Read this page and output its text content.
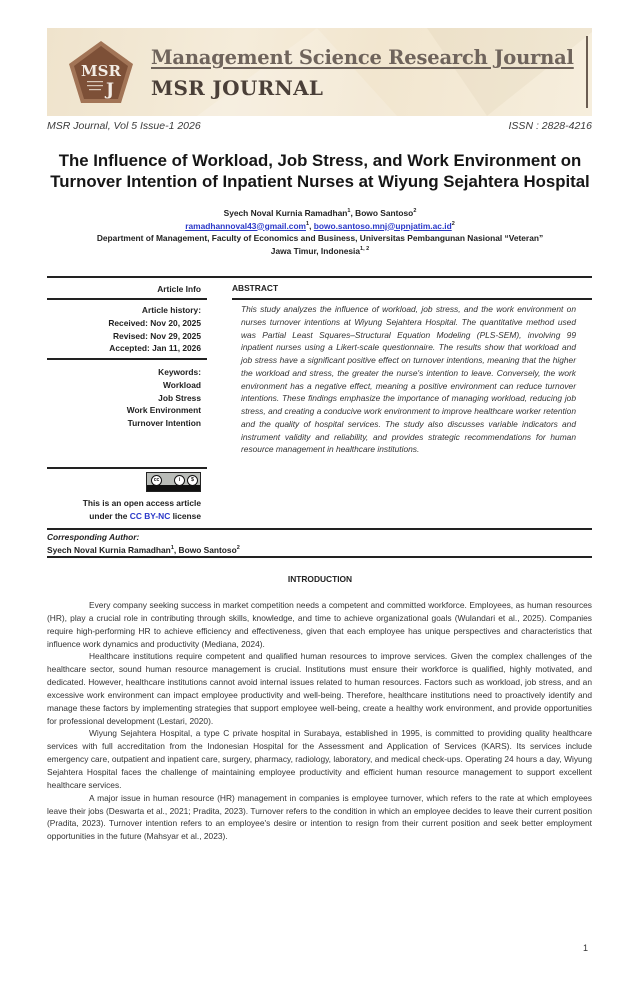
MSR
J
Management Science Research Journal
MSR JOURNAL
MSR Journal, Vol 5 Issue-1 2026	ISSN : 2828-4216
The Influence of Workload, Job Stress, and Work Environment on
Turnover Intention of Inpatient Nurses at Wiyung Sejahtera Hospital
Syech Noval Kurnia Ramadhan$^1$, Bowo Santoso$^2$
ramadhannoval43@gmail.com$^1$, $bowo.santoso.mnj@upnjatim.ac.id^2$
Department of Management, Faculty of Economics and Business, Universitas Pembangunan Nasional “Veteran”
Jawa Timur, Indonesia$^{1, 2}$
Article Info
Article history:
Received: Nov 20, 2025
Revised: Nov 29, 2025
Accepted: Jan 11, 2026
Keywords:
Workload
Job Stress
Work Environment
Turnover Intention
cc	i	$
This is an open access article
under the CC BY-NC license
ABSTRACT
This study analyzes the influence of workload, job stress, and the work environment on nurses turnover intentions at Wiyung Sejahtera Hospital. The quantitative method used was Partial Least Squares–Structural Equation Modeling (PLS-SEM), involving 99 inpatient nurses using a Likert-scale questionnaire. The results show that workload and job stress have a significant positive effect on turnover intentions, meaning that the higher the workload and stress, the greater the nurse's intention to leave. Conversely, the work environment has a negative effect, meaning a positive environment can reduce turnover intentions. These findings emphasize the importance of managing workload, reducing job stress, and creating a conducive work environment to improve healthcare worker retention and the quality of hospital services. The study also discusses variable indicators and instrument validity and reliability, and provides strategic recommendations for human resource management in healthcare institutions.
Corresponding Author:
Syech Noval Kurnia Ramadhan$^1$, Bowo Santoso$^2$
INTRODUCTION

Every company seeking success in market competition needs a competent and committed workforce. Employees, as human resources (HR), play a crucial role in contributing through skills, knowledge, and time to achieve organizational goals (Wulandari et al., 2025). Companies require high-performing HR to achieve efficiency and effectiveness, given that each employee has unique perspectives and characteristics that influence work dynamics and productivity (Mediana, 2024).

Healthcare institutions require competent and qualified human resources to improve services. Given the complex challenges of the healthcare sector, sound human resource management is crucial. Institutions must ensure their workforce is qualified, highly motivated, and dedicated. However, healthcare institutions cannot avoid internal issues related to human resources. Factors such as workload, job stress, and an excessive work environment can impact employee productivity and well-being. Therefore, healthcare institutions need to proactively identify and manage these factors by implementing strategies that support employee well-being, create a healthy work environment, and provide opportunities for professional development (Lestari, 2020).

Wiyung Sejahtera Hospital, a type C private hospital in Surabaya, established in 1995, is committed to providing quality healthcare services with full accreditation from the Indonesian Hospital for the Assessment and Application of Services (KARS). Its services include emergency care, outpatient and inpatient care, surgery, pharmacy, radiology, laboratory, and medical check-ups. Operating 24 hours a day, Wiyung Sejahtera Hospital faces the challenge of maintaining employee productivity and efficient human resource management to support excellent healthcare services.

A major issue in human resource (HR) management in companies is employee turnover, which refers to the rate at which employees leave their jobs (Deswarta et al., 2021; Pradita, 2023). Turnover refers to the condition in which an employee decides to leave their current position (Pradita, 2023). Turnover intention refers to an employee's desire or intention to resign from their current position and seek better employment opportunities in the future (Mahsyar et al., 2023).

1
